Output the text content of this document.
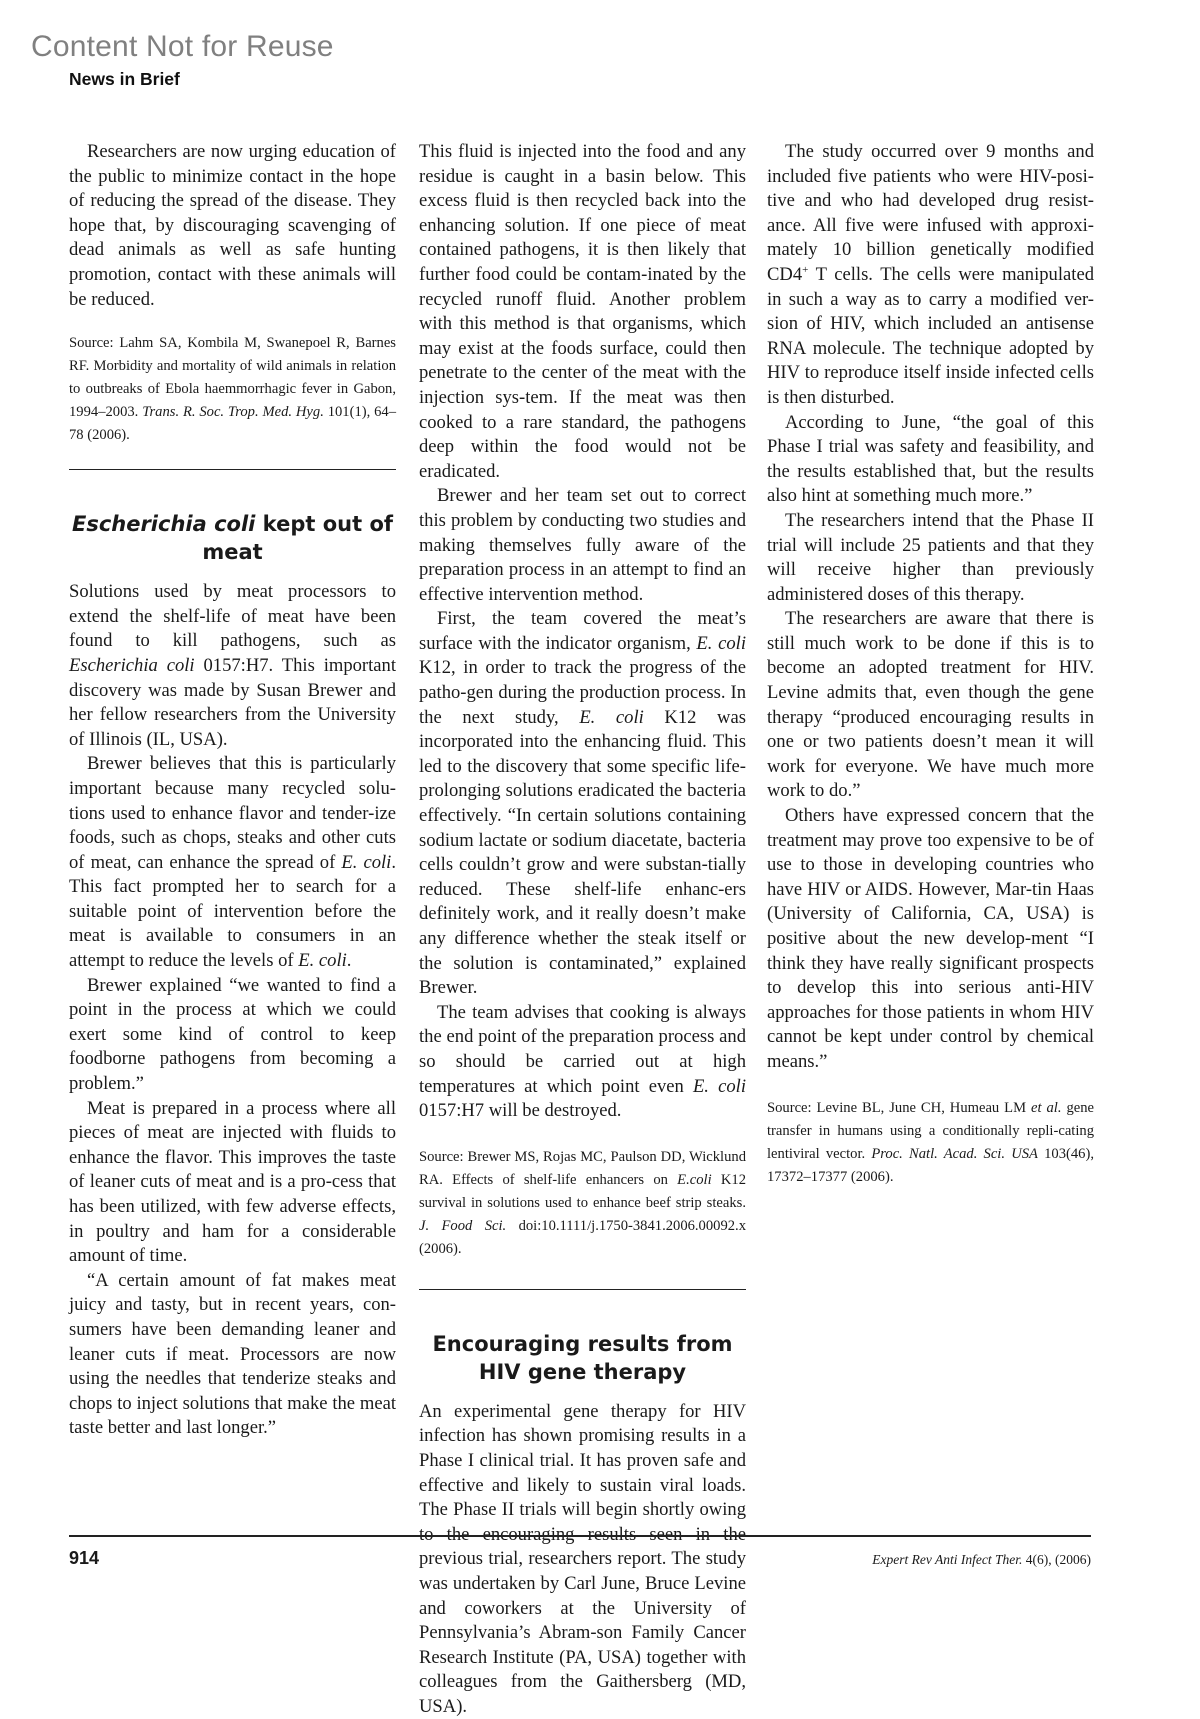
Content Not for Reuse
News in Brief

Researchers are now urging education of the public to minimize contact in the hope of reducing the spread of the disease. They hope that, by discouraging scavenging of dead animals as well as safe hunting promotion, contact with these animals will be reduced.

Source: Lahm SA, Kombila M, Swanepoel R, Barnes RF. Morbidity and mortality of wild animals in relation to outbreaks of Ebola haemmorrhagic fever in Gabon, 1994–2003. Trans. R. Soc. Trop. Med. Hyg. 101(1), 64–78 (2006).

Escherichia coli kept out of meat

Solutions used by meat processors to extend the shelf-life of meat have been found to kill pathogens, such as Escherichia coli 0157:H7. This important discovery was made by Susan Brewer and her fellow researchers from the University of Illinois (IL, USA).

Brewer believes that this is particularly important because many recycled solu-tions used to enhance flavor and tender-ize foods, such as chops, steaks and other cuts of meat, can enhance the spread of E. coli. This fact prompted her to search for a suitable point of intervention before the meat is available to consumers in an attempt to reduce the levels of E. coli.

Brewer explained “we wanted to find a point in the process at which we could exert some kind of control to keep foodborne pathogens from becoming a problem.”

Meat is prepared in a process where all pieces of meat are injected with fluids to enhance the flavor. This improves the taste of leaner cuts of meat and is a pro-cess that has been utilized, with few adverse effects, in poultry and ham for a considerable amount of time.

“A certain amount of fat makes meat juicy and tasty, but in recent years, con-sumers have been demanding leaner and leaner cuts if meat. Processors are now using the needles that tenderize steaks and chops to inject solutions that make the meat taste better and last longer.”

This fluid is injected into the food and any residue is caught in a basin below. This excess fluid is then recycled back into the enhancing solution. If one piece of meat contained pathogens, it is then likely that further food could be contam-inated by the recycled runoff fluid. Another problem with this method is that organisms, which may exist at the foods surface, could then penetrate to the center of the meat with the injection sys-tem. If the meat was then cooked to a rare standard, the pathogens deep within the food would not be eradicated.

Brewer and her team set out to correct this problem by conducting two studies and making themselves fully aware of the preparation process in an attempt to find an effective intervention method.

First, the team covered the meat’s surface with the indicator organism, E. coli K12, in order to track the progress of the patho-gen during the production process. In the next study, E. coli K12 was incorporated into the enhancing fluid. This led to the discovery that some specific life-prolonging solutions eradicated the bacteria effectively. “In certain solutions containing sodium lactate or sodium diacetate, bacteria cells couldn’t grow and were substan-tially reduced. These shelf-life enhanc-ers definitely work, and it really doesn’t make any difference whether the steak itself or the solution is contaminated,” explained Brewer.

The team advises that cooking is always the end point of the preparation process and so should be carried out at high temperatures at which point even E. coli 0157:H7 will be destroyed.

Source: Brewer MS, Rojas MC, Paulson DD, Wicklund RA. Effects of shelf-life enhancers on E.coli K12 survival in solutions used to enhance beef strip steaks. J. Food Sci. doi:10.1111/j.1750-3841.2006.00092.x (2006).

Encouraging results from
HIV gene therapy

An experimental gene therapy for HIV infection has shown promising results in a Phase I clinical trial. It has proven safe and effective and likely to sustain viral loads. The Phase II trials will begin shortly owing to the encouraging results seen in the previous trial, researchers report. The study was undertaken by Carl June, Bruce Levine and coworkers at the University of Pennsylvania’s Abram-son Family Cancer Research Institute (PA, USA) together with colleagues from the Gaithersberg (MD, USA).

The study occurred over 9 months and included five patients who were HIV-posi-tive and who had developed drug resist-ance. All five were infused with approxi-mately 10 billion genetically modified CD4+ T cells. The cells were manipulated in such a way as to carry a modified ver-sion of HIV, which included an antisense RNA molecule. The technique adopted by HIV to reproduce itself inside infected cells is then disturbed.

According to June, “the goal of this Phase I trial was safety and feasibility, and the results established that, but the results also hint at something much more.”

The researchers intend that the Phase II trial will include 25 patients and that they will receive higher than previously administered doses of this therapy.

The researchers are aware that there is still much work to be done if this is to become an adopted treatment for HIV. Levine admits that, even though the gene therapy “produced encouraging results in one or two patients doesn’t mean it will work for everyone. We have much more work to do.”

Others have expressed concern that the treatment may prove too expensive to be of use to those in developing countries who have HIV or AIDS. However, Mar-tin Haas (University of California, CA, USA) is positive about the new develop-ment “I think they have really significant prospects to develop this into serious anti-HIV approaches for those patients in whom HIV cannot be kept under control by chemical means.”

Source: Levine BL, June CH, Humeau LM et al. gene transfer in humans using a conditionally repli-cating lentiviral vector. Proc. Natl. Acad. Sci. USA 103(46), 17372–17377 (2006).

914	Expert Rev Anti Infect Ther. 4(6), (2006)
